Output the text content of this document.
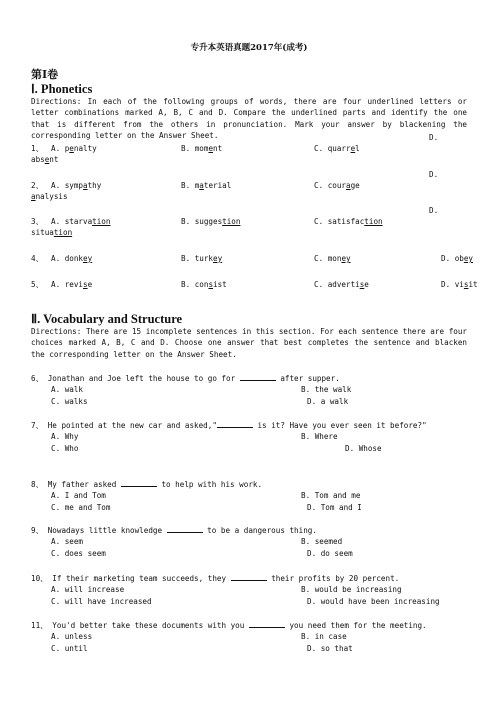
专升本英语真题2017年(成考)
第Ⅰ卷
Ⅰ. Phonetics
Directions: In each of the following groups of words, there are four underlined letters or letter combinations marked A, B, C and D. Compare the underlined parts and identify the one that is different from the others in pronunciation. Mark your answer by blackening the corresponding letter on the Answer Sheet.
1、 A. penalty	B. moment	C. quarrel
D.
absent
2、 A. sympathy	B. material	C. courage
D.
analysis
3、 A. starvation	B. suggestion	C. satisfaction
D.
situation
4、 A. donkey	B. turkey	C. money	D. obey
5、 A. revise	B. consist	C. advertise	D. visit
Ⅱ. Vocabulary and Structure
Directions: There are 15 incomplete sentences in this section. For each sentence there are four choices marked A, B, C and D. Choose one answer that best completes the sentence and blacken the corresponding letter on the Answer Sheet.
6、 Jonathan and Joe left the house to go for	after supper.
A. walk	B. the walk
C. walks	D. a walk
7、 He pointed at the new car and asked,"	is it? Have you ever seen it before?"
A. Why	B. Where
C. Who	D. Whose
8、 My father asked	to help with his work.
A. I and Tom	B. Tom and me
C. me and Tom	D. Tom and I
9、 Nowadays little knowledge	to be a dangerous thing.
A. seem	B. seemed
C. does seem	D. do seem
10、 If their marketing team succeeds, they	their profits by 20 percent.
A. will increase	B. would be increasing
C. will have increased	D. would have been increasing
11、 You'd better take these documents with you	you need them for the meeting.
A. unless	B. in case
C. until	D. so that
